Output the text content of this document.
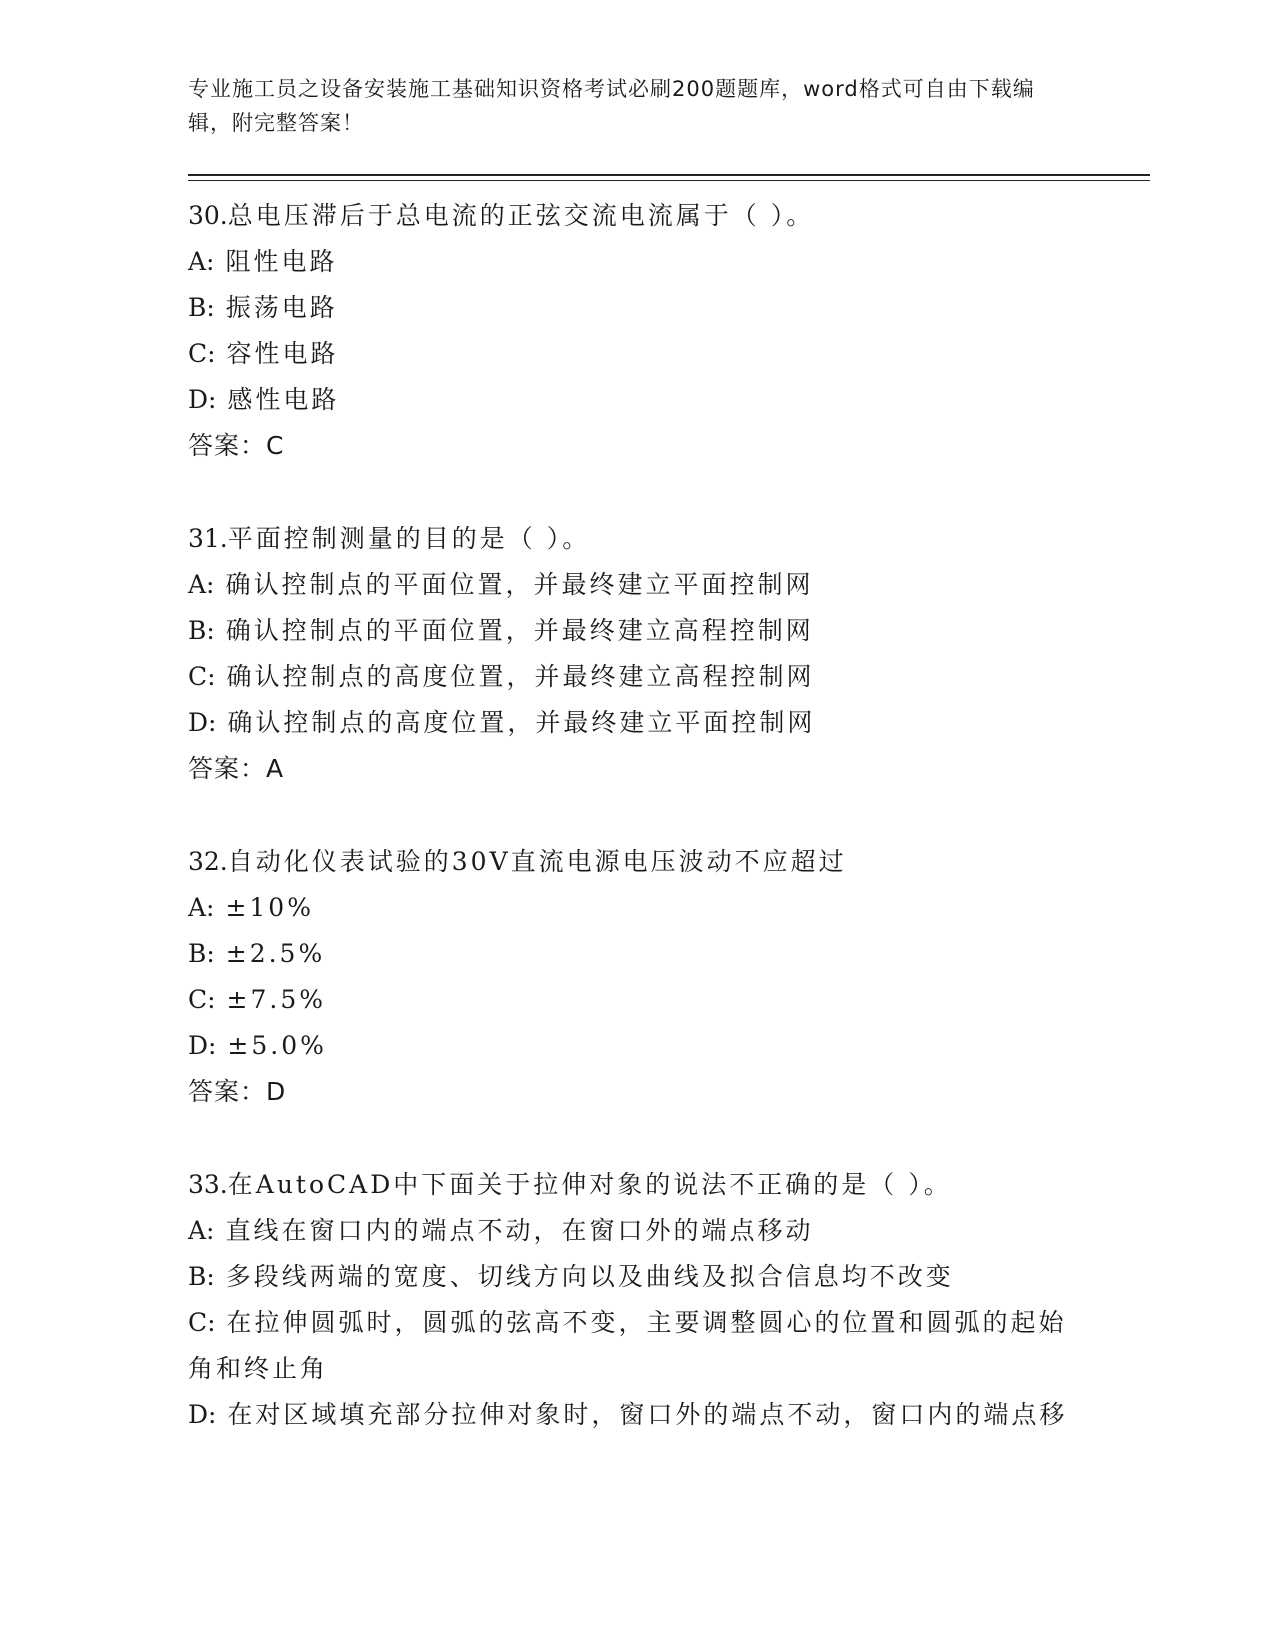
专业施工员之设备安装施工基础知识资格考试必刷200题题库，word格式可自由下载编辑，附完整答案！

30.总电压滞后于总电流的正弦交流电流属于（ ）。

A: 阻性电路

B: 振荡电路

C: 容性电路

D: 感性电路

答案：C

31.平面控制测量的目的是（ ）。

A: 确认控制点的平面位置，并最终建立平面控制网

B: 确认控制点的平面位置，并最终建立高程控制网

C: 确认控制点的高度位置，并最终建立高程控制网

D: 确认控制点的高度位置，并最终建立平面控制网

答案：A

32.自动化仪表试验的30V直流电源电压波动不应超过

A: ±10%

B: ±2.5%

C: ±7.5%

D: ±5.0%

答案：D

33.在AutoCAD中下面关于拉伸对象的说法不正确的是（ ）。

A: 直线在窗口内的端点不动，在窗口外的端点移动

B: 多段线两端的宽度、切线方向以及曲线及拟合信息均不改变

C: 在拉伸圆弧时，圆弧的弦高不变，主要调整圆心的位置和圆弧的起始角和终止角

D: 在对区域填充部分拉伸对象时，窗口外的端点不动，窗口内的端点移
